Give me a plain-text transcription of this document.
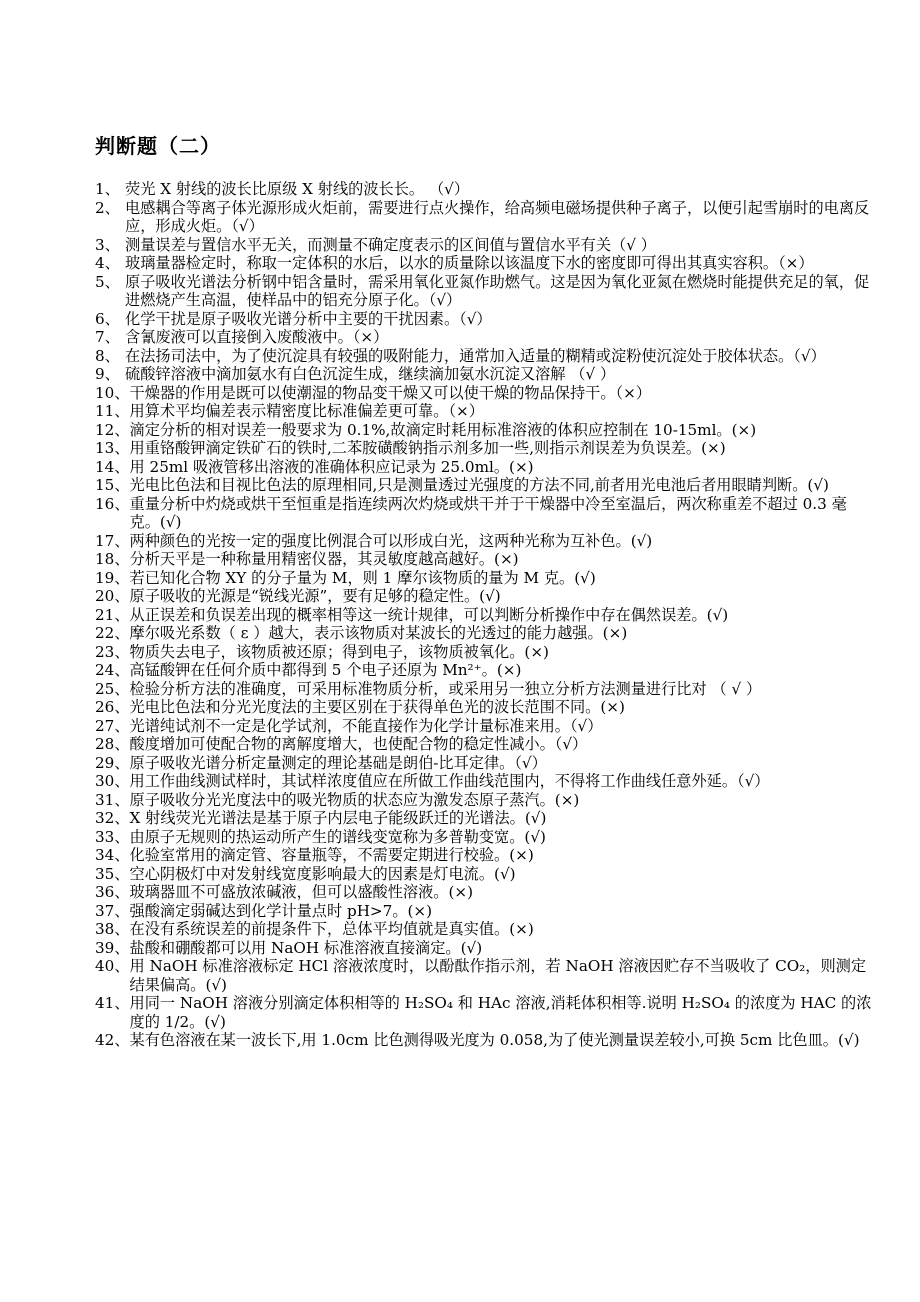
判断题（二）
1、 荧光 X 射线的波长比原级 X 射线的波长长。 （√）
2、 电感耦合等离子体光源形成火炬前，需要进行点火操作，给高频电磁场提供种子离子，以便引起雪崩时的电离反应，形成火炬。（√）
3、 测量误差与置信水平无关，而测量不确定度表示的区间值与置信水平有关（√ ）
4、 玻璃量器检定时，称取一定体积的水后，以水的质量除以该温度下水的密度即可得出其真实容积。（×）
5、 原子吸收光谱法分析钢中铝含量时，需采用氧化亚氮作助燃气。这是因为氧化亚氮在燃烧时能提供充足的氧，促进燃烧产生高温，使样品中的铝充分原子化。（√）
6、 化学干扰是原子吸收光谱分析中主要的干扰因素。（√）
7、 含氰废液可以直接倒入废酸液中。（×）
8、 在法扬司法中，为了使沉淀具有较强的吸附能力，通常加入适量的糊精或淀粉使沉淀处于胶体状态。（√）
9、 硫酸锌溶液中滴加氨水有白色沉淀生成，继续滴加氨水沉淀又溶解 （√ ）
10、 干燥器的作用是既可以使潮湿的物品变干燥又可以使干燥的物品保持干。（×）
11、 用算术平均偏差表示精密度比标准偏差更可靠。（×）
12、 滴定分析的相对误差一般要求为 0.1%,故滴定时耗用标准溶液的体积应控制在 10-15ml。(×)
13、 用重铬酸钾滴定铁矿石的铁时,二苯胺磺酸钠指示剂多加一些,则指示剂误差为负误差。(×)
14、 用 25ml 吸液管移出溶液的准确体积应记录为 25.0ml。(×)
15、 光电比色法和目视比色法的原理相同,只是测量透过光强度的方法不同,前者用光电池后者用眼睛判断。(√)
16、 重量分析中灼烧或烘干至恒重是指连续两次灼烧或烘干并于干燥器中冷至室温后，两次称重差不超过 0.3 毫克。(√)
17、 两种颜色的光按一定的强度比例混合可以形成白光，这两种光称为互补色。(√)
18、 分析天平是一种称量用精密仪器，其灵敏度越高越好。(×)
19、 若已知化合物 XY 的分子量为 M，则 1 摩尔该物质的量为 M 克。(√)
20、 原子吸收的光源是“锐线光源”，要有足够的稳定性。(√)
21、 从正误差和负误差出现的概率相等这一统计规律，可以判断分析操作中存在偶然误差。(√)
22、 摩尔吸光系数（ ε ）越大，表示该物质对某波长的光透过的能力越强。(×)
23、 物质失去电子，该物质被还原；得到电子，该物质被氧化。(×)
24、 高锰酸钾在任何介质中都得到 5 个电子还原为 Mn²⁺。(×)
25、 检验分析方法的准确度，可采用标准物质分析，或采用另一独立分析方法测量进行比对 （ √ ）
26、 光电比色法和分光光度法的主要区别在于获得单色光的波长范围不同。(×)
27、 光谱纯试剂不一定是化学试剂，不能直接作为化学计量标准来用。（√）
28、 酸度增加可使配合物的离解度增大，也使配合物的稳定性减小。（√）
29、 原子吸收光谱分析定量测定的理论基础是朗伯-比耳定律。（√）
30、 用工作曲线测试样时，其试样浓度值应在所做工作曲线范围内，不得将工作曲线任意外延。（√）
31、 原子吸收分光光度法中的吸光物质的状态应为激发态原子蒸汽。(×)
32、 X 射线荧光光谱法是基于原子内层电子能级跃迁的光谱法。(√)
33、 由原子无规则的热运动所产生的谱线变宽称为多普勒变宽。(√)
34、 化验室常用的滴定管、容量瓶等，不需要定期进行校验。(×)
35、 空心阴极灯中对发射线宽度影响最大的因素是灯电流。(√)
36、 玻璃器皿不可盛放浓碱液，但可以盛酸性溶液。(×)
37、 强酸滴定弱碱达到化学计量点时 pH>7。(×)
38、 在没有系统误差的前提条件下，总体平均值就是真实值。(×)
39、 盐酸和硼酸都可以用 NaOH 标准溶液直接滴定。(√)
40、 用 NaOH 标准溶液标定 HCl 溶液浓度时，以酚酞作指示剂，若 NaOH 溶液因贮存不当吸收了 CO₂，则测定结果偏高。(√)
41、 用同一 NaOH 溶液分别滴定体积相等的 H₂SO₄ 和 HAc 溶液,消耗体积相等.说明 H₂SO₄ 的浓度为 HAC 的浓度的 1/2。(√)
42、 某有色溶液在某一波长下,用 1.0cm 比色测得吸光度为 0.058,为了使光测量误差较小,可换 5cm 比色皿。(√)
